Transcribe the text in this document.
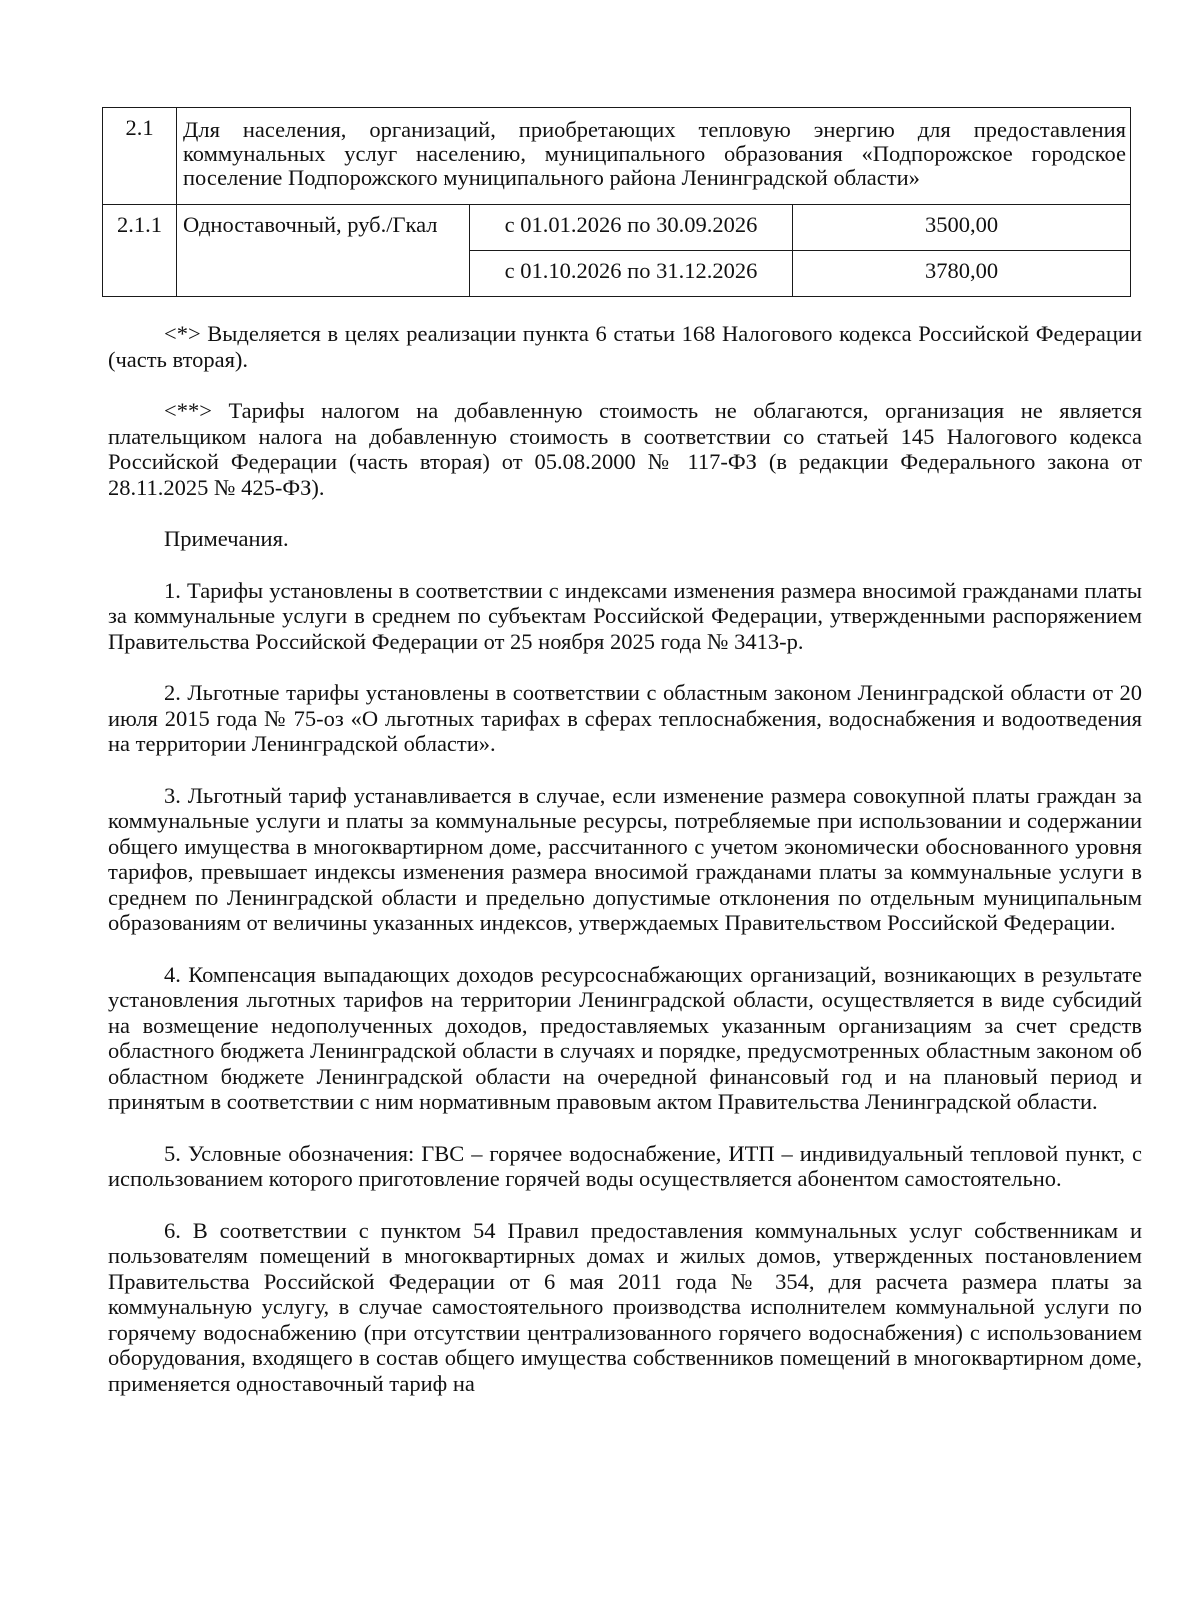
2.1	Для населения, организаций, приобретающих тепловую энергию для предоставления коммунальных услуг населению, муниципального образования «Подпорожское городское поселение Подпорожского муниципального района Ленинградской области»		
2.1.1	Одноставочный, руб./Гкал	с 01.01.2026 по 30.09.2026	3500,00
		с 01.10.2026 по 31.12.2026	3780,00

<*> Выделяется в целях реализации пункта 6 статьи 168 Налогового кодекса Российской Федерации (часть вторая).

<**> Тарифы налогом на добавленную стоимость не облагаются, организация не является плательщиком налога на добавленную стоимость в соответствии со статьей 145 Налогового кодекса Российской Федерации (часть вторая) от 05.08.2000 № 117-ФЗ (в редакции Федерального закона от 28.11.2025 № 425-ФЗ).

Примечания.

1. Тарифы установлены в соответствии с индексами изменения размера вносимой гражданами платы за коммунальные услуги в среднем по субъектам Российской Федерации, утвержденными распоряжением Правительства Российской Федерации от 25 ноября 2025 года № 3413-р.

2. Льготные тарифы установлены в соответствии с областным законом Ленинградской области от 20 июля 2015 года № 75-оз «О льготных тарифах в сферах теплоснабжения, водоснабжения и водоотведения на территории Ленинградской области».

3. Льготный тариф устанавливается в случае, если изменение размера совокупной платы граждан за коммунальные услуги и платы за коммунальные ресурсы, потребляемые при использовании и содержании общего имущества в многоквартирном доме, рассчитанного с учетом экономически обоснованного уровня тарифов, превышает индексы изменения размера вносимой гражданами платы за коммунальные услуги в среднем по Ленинградской области и предельно допустимые отклонения по отдельным муниципальным образованиям от величины указанных индексов, утверждаемых Правительством Российской Федерации.

4. Компенсация выпадающих доходов ресурсоснабжающих организаций, возникающих в результате установления льготных тарифов на территории Ленинградской области, осуществляется в виде субсидий на возмещение недополученных доходов, предоставляемых указанным организациям за счет средств областного бюджета Ленинградской области в случаях и порядке, предусмотренных областным законом об областном бюджете Ленинградской области на очередной финансовый год и на плановый период и принятым в соответствии с ним нормативным правовым актом Правительства Ленинградской области.

5. Условные обозначения: ГВС – горячее водоснабжение, ИТП – индивидуальный тепловой пункт, с использованием которого приготовление горячей воды осуществляется абонентом самостоятельно.

6. В соответствии с пунктом 54 Правил предоставления коммунальных услуг собственникам и пользователям помещений в многоквартирных домах и жилых домов, утвержденных постановлением Правительства Российской Федерации от 6 мая 2011 года № 354, для расчета размера платы за коммунальную услугу, в случае самостоятельного производства исполнителем коммунальной услуги по горячему водоснабжению (при отсутствии централизованного горячего водоснабжения) с использованием оборудования, входящего в состав общего имущества собственников помещений в многоквартирном доме, применяется одноставочный тариф на
